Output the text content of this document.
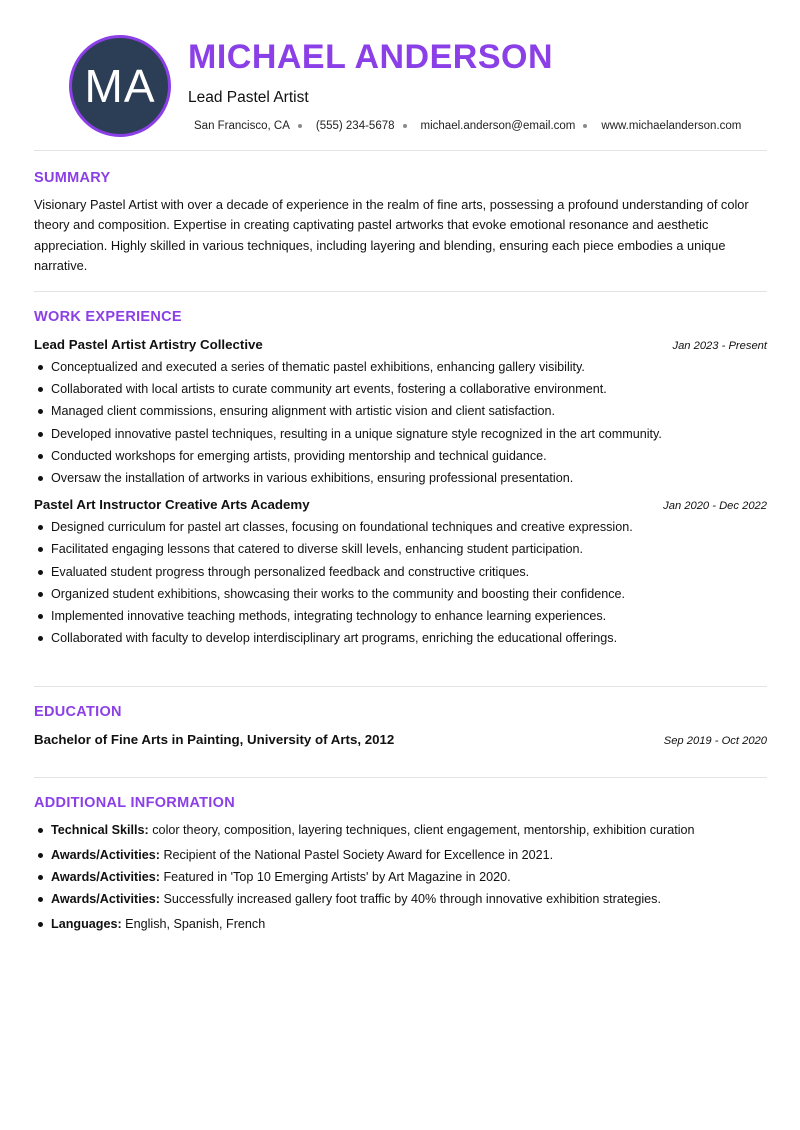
MA
MICHAEL ANDERSON
Lead Pastel Artist
San Francisco, CA (555) 234-5678 michael.anderson@email.com www.michaelanderson.com
SUMMARY
Visionary Pastel Artist with over a decade of experience in the realm of fine arts, possessing a profound understanding of color theory and composition. Expertise in creating captivating pastel artworks that evoke emotional resonance and aesthetic appreciation. Highly skilled in various techniques, including layering and blending, ensuring each piece embodies a unique narrative.
WORK EXPERIENCE
Lead Pastel Artist Artistry Collective	Jan 2023 - Present
Conceptualized and executed a series of thematic pastel exhibitions, enhancing gallery visibility.
Collaborated with local artists to curate community art events, fostering a collaborative environment.
Managed client commissions, ensuring alignment with artistic vision and client satisfaction.
Developed innovative pastel techniques, resulting in a unique signature style recognized in the art community.
Conducted workshops for emerging artists, providing mentorship and technical guidance.
Oversaw the installation of artworks in various exhibitions, ensuring professional presentation.
Pastel Art Instructor Creative Arts Academy	Jan 2020 - Dec 2022
Designed curriculum for pastel art classes, focusing on foundational techniques and creative expression.
Facilitated engaging lessons that catered to diverse skill levels, enhancing student participation.
Evaluated student progress through personalized feedback and constructive critiques.
Organized student exhibitions, showcasing their works to the community and boosting their confidence.
Implemented innovative teaching methods, integrating technology to enhance learning experiences.
Collaborated with faculty to develop interdisciplinary art programs, enriching the educational offerings.
EDUCATION
Bachelor of Fine Arts in Painting, University of Arts, 2012	Sep 2019 - Oct 2020
ADDITIONAL INFORMATION
Technical Skills: color theory, composition, layering techniques, client engagement, mentorship, exhibition curation
Awards/Activities: Recipient of the National Pastel Society Award for Excellence in 2021.
Awards/Activities: Featured in 'Top 10 Emerging Artists' by Art Magazine in 2020.
Awards/Activities: Successfully increased gallery foot traffic by 40% through innovative exhibition strategies.
Languages: English, Spanish, French
